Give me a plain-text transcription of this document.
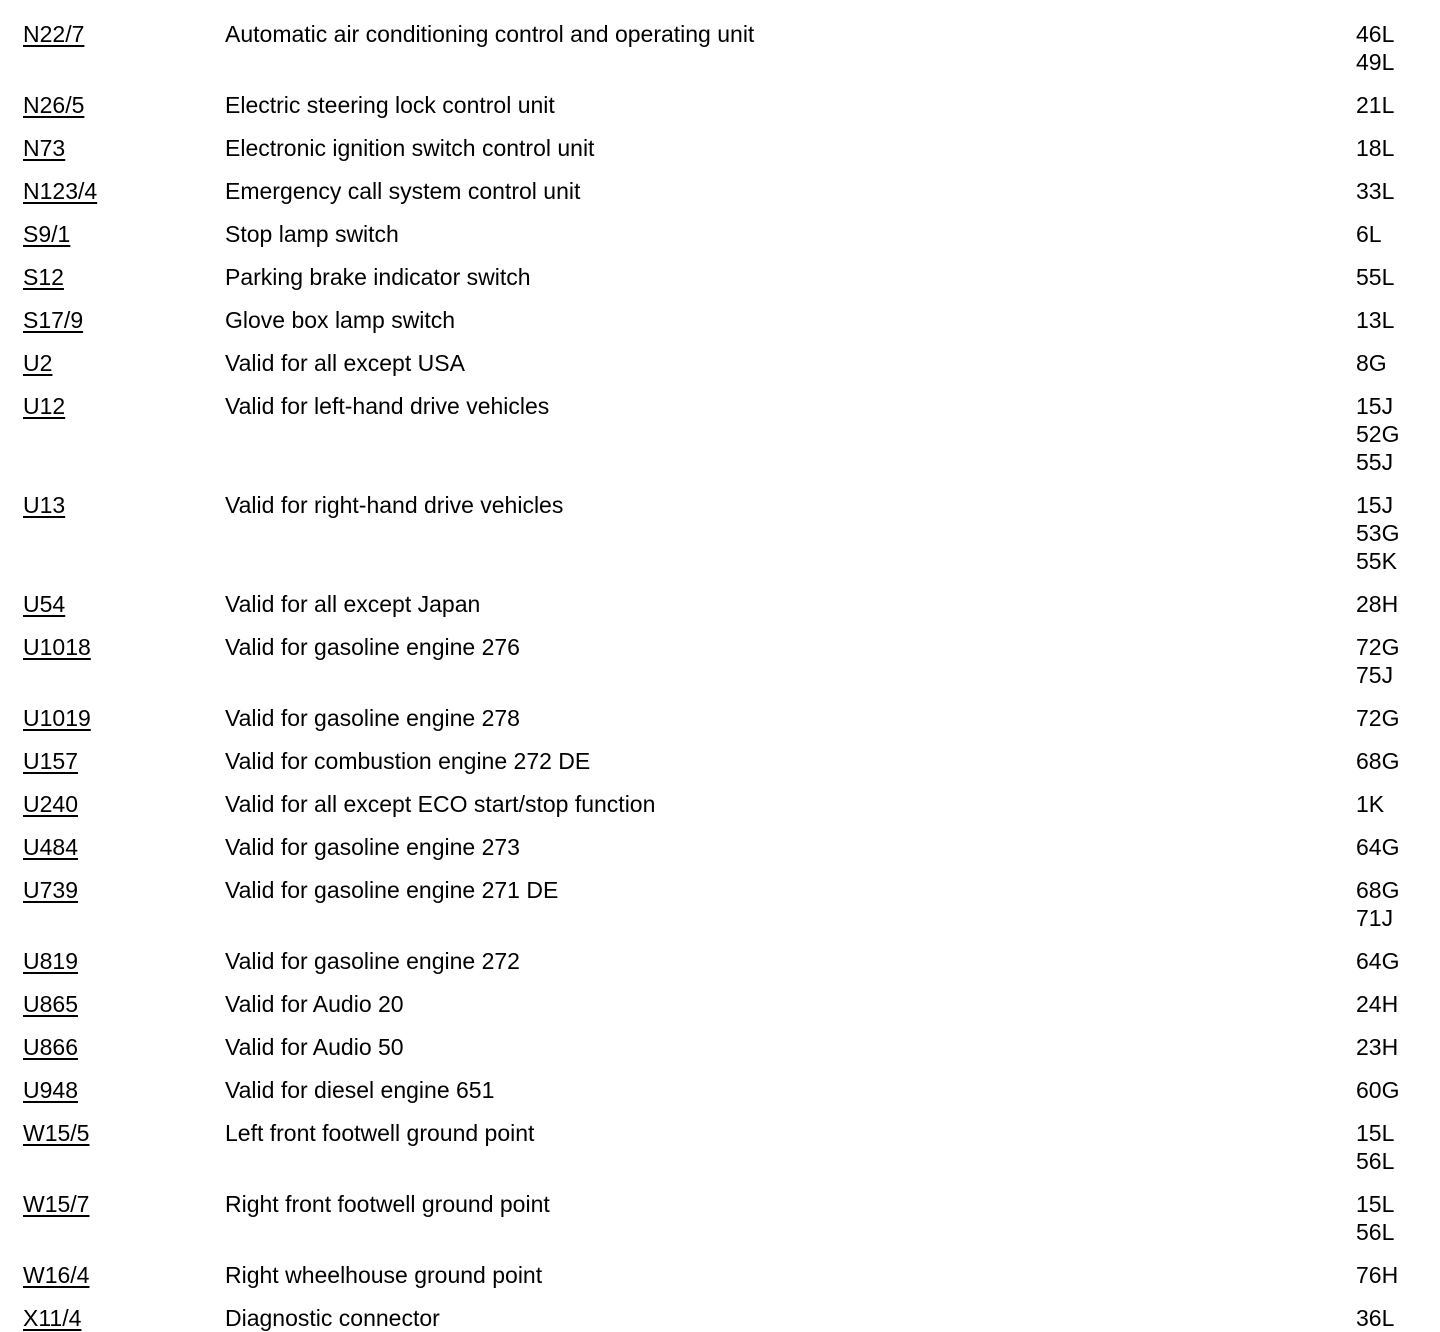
N22/7	Automatic air conditioning control and operating unit	46L
49L
N26/5	Electric steering lock control unit	21L
N73	Electronic ignition switch control unit	18L
N123/4	Emergency call system control unit	33L
S9/1	Stop lamp switch	6L
S12	Parking brake indicator switch	55L
S17/9	Glove box lamp switch	13L
U2	Valid for all except USA	8G
U12	Valid for left-hand drive vehicles	15J
52G
55J
U13	Valid for right-hand drive vehicles	15J
53G
55K
U54	Valid for all except Japan	28H
U1018	Valid for gasoline engine 276	72G
75J
U1019	Valid for gasoline engine 278	72G
U157	Valid for combustion engine 272 DE	68G
U240	Valid for all except ECO start/stop function	1K
U484	Valid for gasoline engine 273	64G
U739	Valid for gasoline engine 271 DE	68G
71J
U819	Valid for gasoline engine 272	64G
U865	Valid for Audio 20	24H
U866	Valid for Audio 50	23H
U948	Valid for diesel engine 651	60G
W15/5	Left front footwell ground point	15L
56L
W15/7	Right front footwell ground point	15L
56L
W16/4	Right wheelhouse ground point	76H
X11/4	Diagnostic connector	36L
